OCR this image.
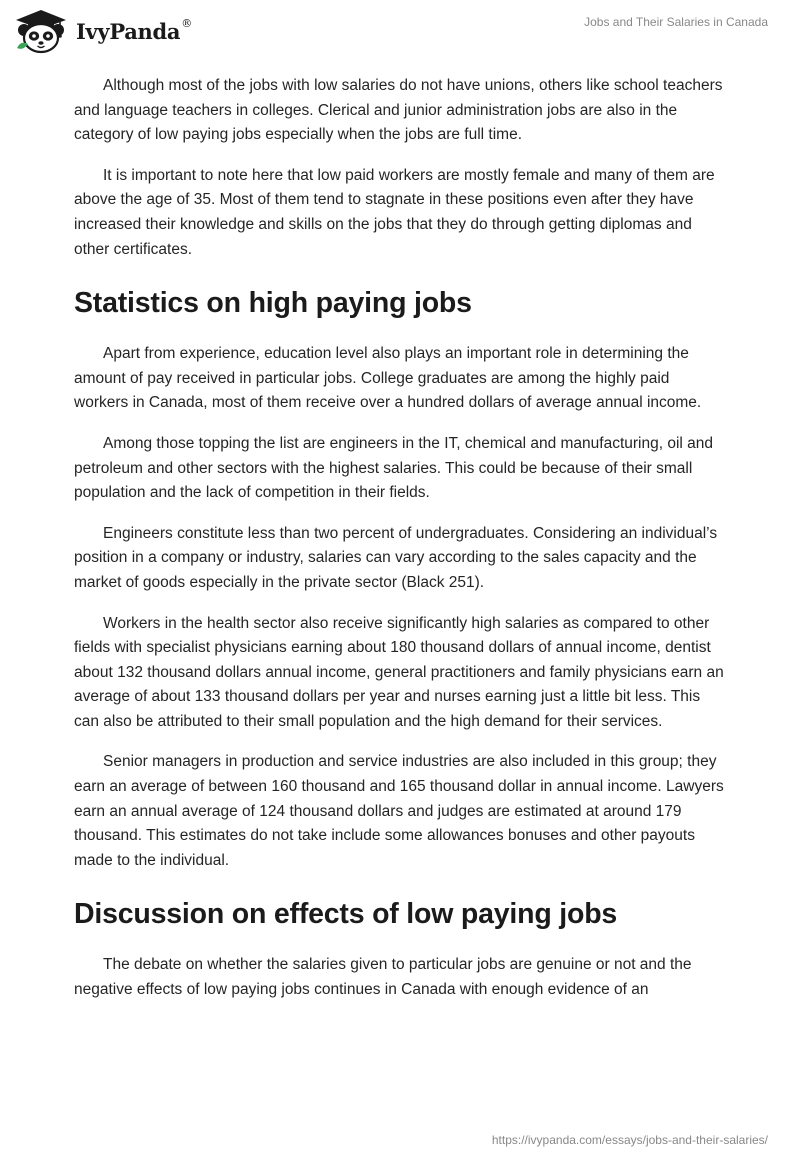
IvyPanda®	Jobs and Their Salaries in Canada

Although most of the jobs with low salaries do not have unions, others like school teachers and language teachers in colleges. Clerical and junior administration jobs are also in the category of low paying jobs especially when the jobs are full time.

It is important to note here that low paid workers are mostly female and many of them are above the age of 35. Most of them tend to stagnate in these positions even after they have increased their knowledge and skills on the jobs that they do through getting diplomas and other certificates.

Statistics on high paying jobs

Apart from experience, education level also plays an important role in determining the amount of pay received in particular jobs. College graduates are among the highly paid workers in Canada, most of them receive over a hundred dollars of average annual income.

Among those topping the list are engineers in the IT, chemical and manufacturing, oil and petroleum and other sectors with the highest salaries. This could be because of their small population and the lack of competition in their fields.

Engineers constitute less than two percent of undergraduates. Considering an individual’s position in a company or industry, salaries can vary according to the sales capacity and the market of goods especially in the private sector (Black 251).

Workers in the health sector also receive significantly high salaries as compared to other fields with specialist physicians earning about 180 thousand dollars of annual income, dentist about 132 thousand dollars annual income, general practitioners and family physicians earn an average of about 133 thousand dollars per year and nurses earning just a little bit less. This can also be attributed to their small population and the high demand for their services.

Senior managers in production and service industries are also included in this group; they earn an average of between 160 thousand and 165 thousand dollar in annual income. Lawyers earn an annual average of 124 thousand dollars and judges are estimated at around 179 thousand. This estimates do not take include some allowances bonuses and other payouts made to the individual.

Discussion on effects of low paying jobs

The debate on whether the salaries given to particular jobs are genuine or not and the negative effects of low paying jobs continues in Canada with enough evidence of an

https://ivypanda.com/essays/jobs-and-their-salaries/
